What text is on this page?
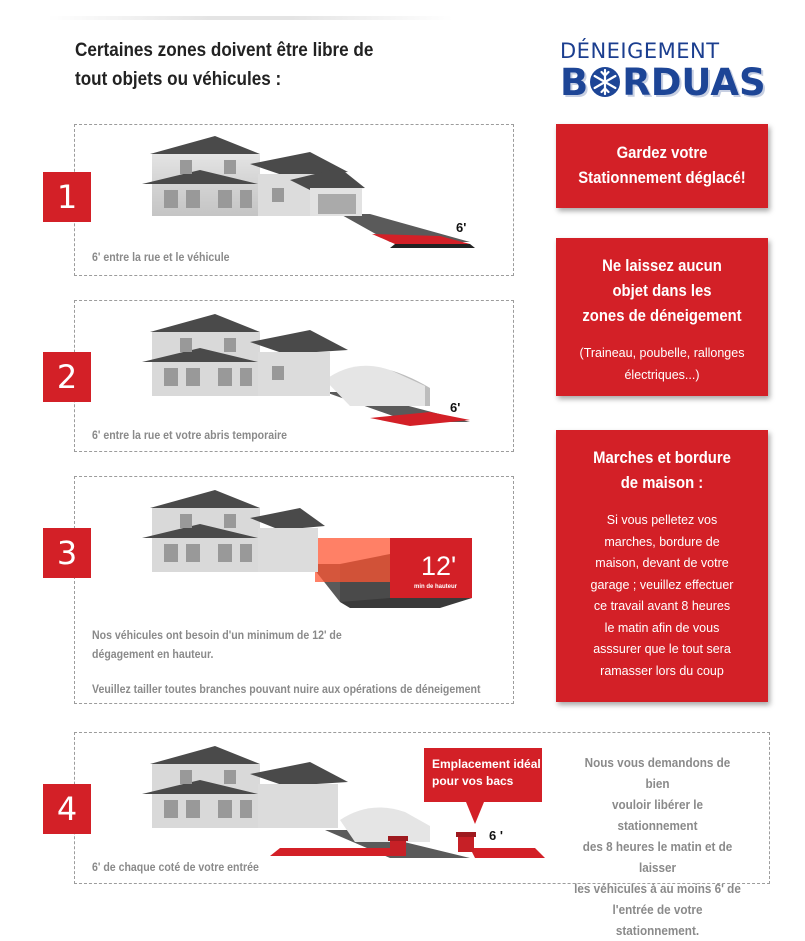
Certaines zones doivent être libre de
tout objets ou véhicules :
DÉNEIGEMENT
B RDUAS
1
6'
6' entre la rue et le véhicule
2
6'
6' entre la rue et votre abris temporaire
3	12'
min de hauteur
Nos véhicules ont besoin d'un minimum de 12' de
dégagement en hauteur.
Veuillez tailler toutes branches pouvant nuire aux opérations de déneigement
4
Emplacement idéal
pour vos bacs
6 '
6' de chaque coté de votre entrée
Nous vous demandons de bien
vouloir libérer le stationnement
des 8 heures le matin et de laisser
les véhicules à au moins 6' de
l'entrée de votre stationnement.
Gardez votre
Stationnement déglacé!
Ne laissez aucun
objet dans les
zones de déneigement

(Traineau, poubelle, rallonges
électriques...)

Marches et bordure
de maison :

Si vous pelletez vos
marches, bordure de
maison, devant de votre
garage ; veuillez effectuer
ce travail avant 8 heures
le matin afin de vous
asssurer que le tout sera
ramasser lors du coup
